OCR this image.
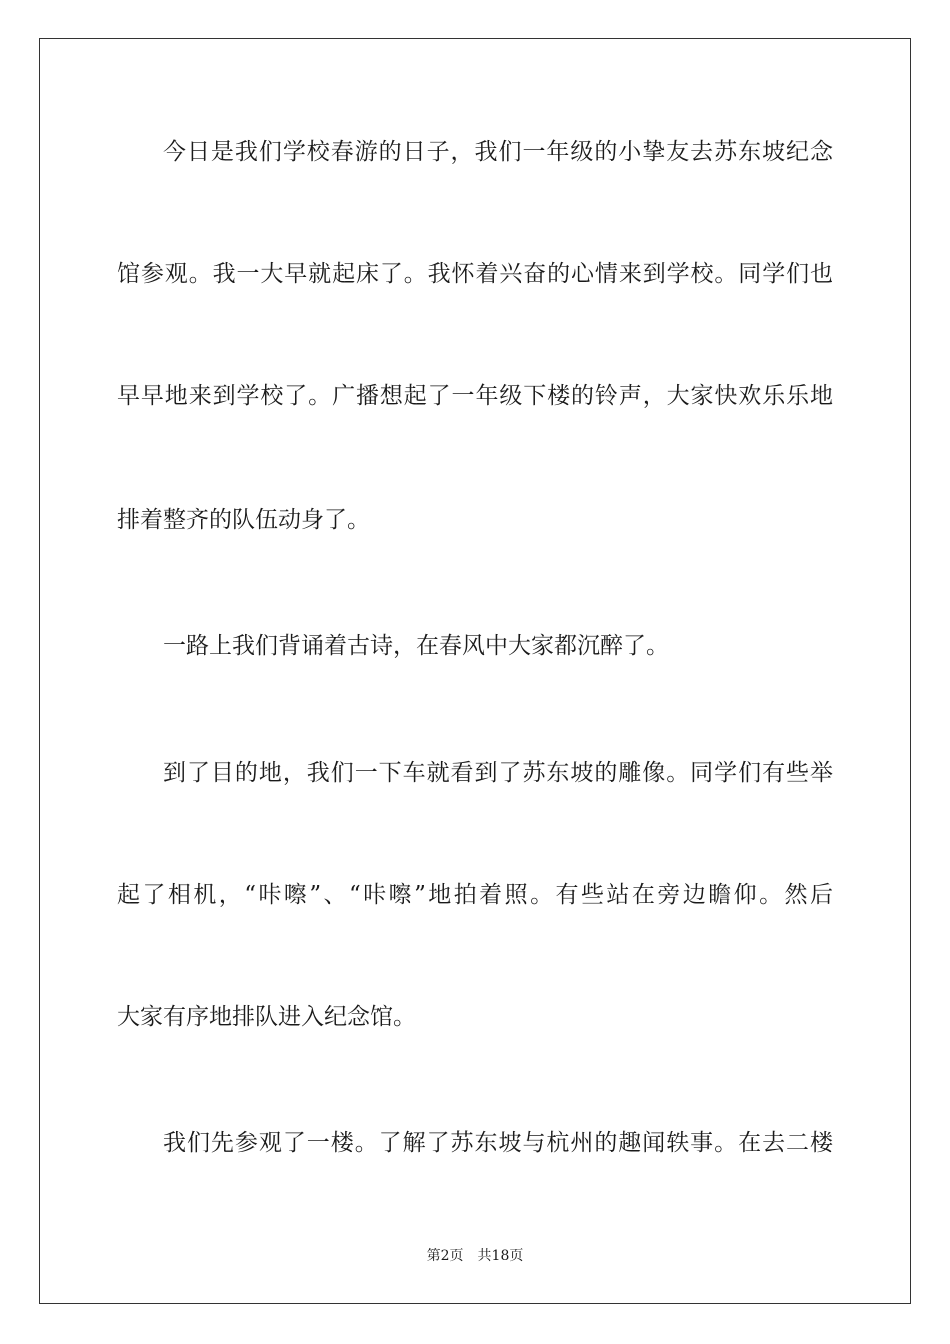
今日是我们学校春游的日子，我们一年级的小挚友去苏东坡纪念
馆参观。我一大早就起床了。我怀着兴奋的心情来到学校。同学们也
早早地来到学校了。广播想起了一年级下楼的铃声，大家快欢乐乐地
排着整齐的队伍动身了。
一路上我们背诵着古诗，在春风中大家都沉醉了。
到了目的地，我们一下车就看到了苏东坡的雕像。同学们有些举
起了相机，“咔嚓”、“咔嚓”地拍着照。有些站在旁边瞻仰。然后
大家有序地排队进入纪念馆。
我们先参观了一楼。了解了苏东坡与杭州的趣闻轶事。在去二楼
第2页 共18页
